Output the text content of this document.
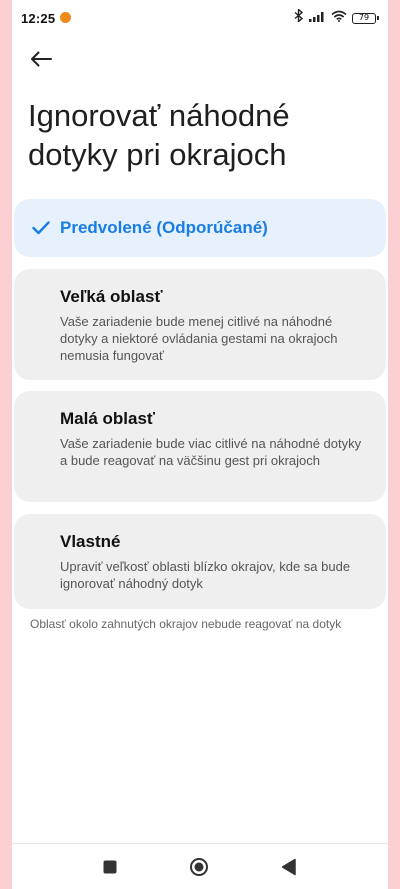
12:25	79
Ignorovať náhodné dotyky pri okrajoch
Predvolené (Odporúčané)
Veľká oblasť
Vaše zariadenie bude menej citlivé na náhodné dotyky a niektoré ovládania gestami na okrajoch nemusia fungovať
Malá oblasť
Vaše zariadenie bude viac citlivé na náhodné dotyky a bude reagovať na väčšinu gest pri okrajoch
Vlastné
Upraviť veľkosť oblasti blízko okrajov, kde sa bude ignorovať náhodný dotyk
Oblasť okolo zahnutých okrajov nebude reagovať na dotyk
